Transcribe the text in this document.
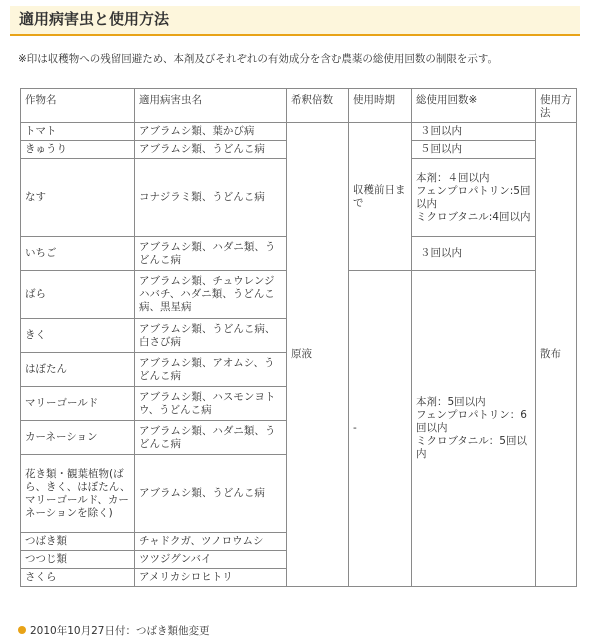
適用病害虫と使用方法
※印は収穫物への残留回避ため、本剤及びそれぞれの有効成分を含む農薬の総使用回数の制限を示す。
作物名	適用病害虫名	希釈倍数	使用時期	総使用回数※	使用方法
トマト	アブラムシ類、葉かび病	原液	収穫前日まで	３回以内	散布
きゅうり	アブラムシ類、うどんこ病			５回以内	
なす	コナジラミ類、うどんこ病			本剤：４回以内
フェンプロパトリン:5回以内
ミクロブタニル:4回以内	
いちご	アブラムシ類、ハダニ類、うどんこ病			３回以内	
ばら	アブラムシ類、チュウレンジハバチ、ハダニ類、うどんこ病、黒星病		-	本剤：5回以内
フェンプロパトリン：6回以内
ミクロブタニル：5回以内	
きく	アブラムシ類、うどんこ病、白さび病				
はぼたん	アブラムシ類、アオムシ、うどんこ病				
マリーゴールド	アブラムシ類、ハスモンヨトウ、うどんこ病				
カーネーション	アブラムシ類、ハダニ類、うどんこ病				
花き類・観葉植物(ばら、きく、はぼたん、マリーゴールド、カーネーションを除く)	アブラムシ類、うどんこ病				
つばき類	チャドクガ、ツノロウムシ				
つつじ類	ツツジグンバイ				
さくら	アメリカシロヒトリ				
2010年10月27日付：つばき類他変更
